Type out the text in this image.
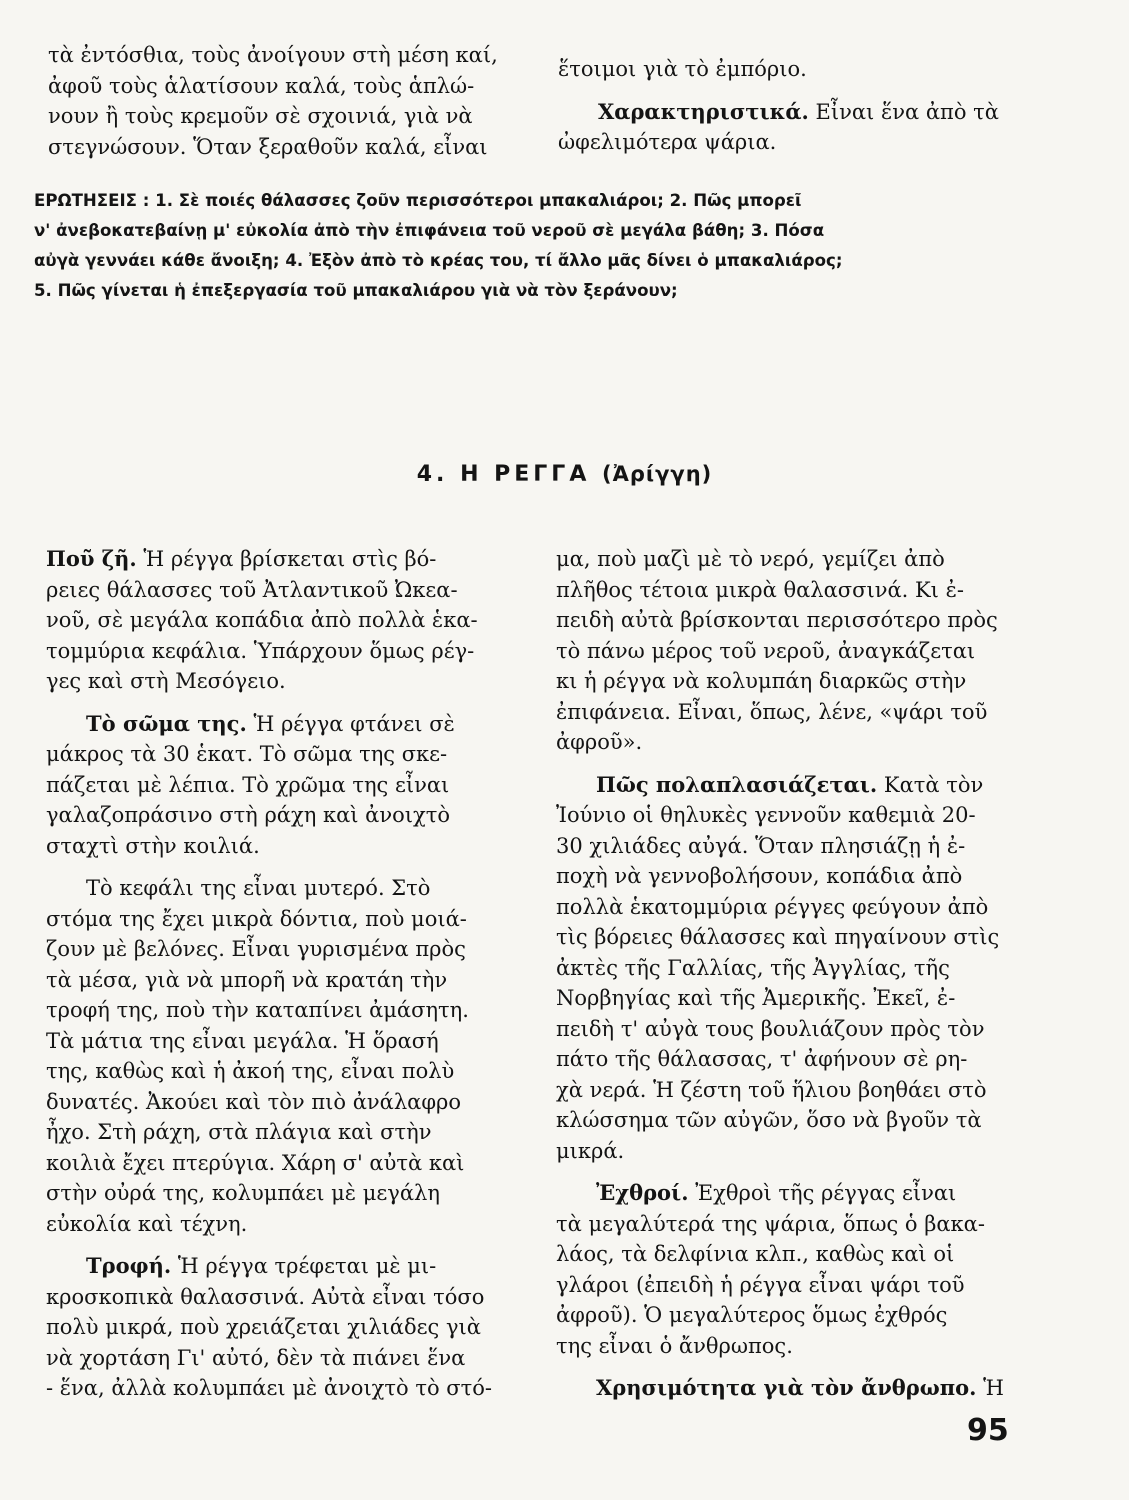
τὰ ἐντόσθια, τοὺς ἀνοίγουν στὴ μέση καί,
ἀφοῦ τοὺς ἁλατίσουν καλά, τοὺς ἁπλώ-
νουν ἢ τοὺς κρεμοῦν σὲ σχοινιά, γιὰ νὰ
στεγνώσουν. Ὅταν ξεραθοῦν καλά, εἶναι
ἕτοιμοι γιὰ τὸ ἐμπόριο.
Χαρακτηριστικά. Εἶναι ἕνα ἀπὸ τὰ
ὠφελιμότερα ψάρια.
ΕΡΩΤΗΣΕΙΣ : 1. Σὲ ποιές θάλασσες ζοῦν περισσότεροι μπακαλιάροι; 2. Πῶς μπορεῖ
ν' ἀνεβοκατεβαίνῃ μ' εὐκολία ἀπὸ τὴν ἐπιφάνεια τοῦ νεροῦ σὲ μεγάλα βάθη; 3. Πόσα
αὐγὰ γεννάει κάθε ἄνοιξη; 4. Ἐξὸν ἀπὸ τὸ κρέας του, τί ἄλλο μᾶς δίνει ὁ μπακαλιάρος;
5. Πῶς γίνεται ἡ ἐπεξεργασία τοῦ μπακαλιάρου γιὰ νὰ τὸν ξεράνουν;
4. Η ΡΕΓΓΑ (Ἀρίγγη)
Ποῦ ζῆ. Ἡ ρέγγα βρίσκεται στὶς βό-
ρειες θάλασσες τοῦ Ἀτλαντικοῦ Ὠκεα-
νοῦ, σὲ μεγάλα κοπάδια ἀπὸ πολλὰ ἑκα-
τομμύρια κεφάλια. Ὑπάρχουν ὅμως ρέγ-
γες καὶ στὴ Μεσόγειο.
Τὸ σῶμα της. Ἡ ρέγγα φτάνει σὲ
μάκρος τὰ 30 ἑκατ. Τὸ σῶμα της σκε-
πάζεται μὲ λέπια. Τὸ χρῶμα της εἶναι
γαλαζοπράσινο στὴ ράχη καὶ ἀνοιχτὸ
σταχτὶ στὴν κοιλιά.
Τὸ κεφάλι της εἶναι μυτερό. Στὸ
στόμα της ἔχει μικρὰ δόντια, ποὺ μοιά-
ζουν μὲ βελόνες. Εἶναι γυρισμένα πρὸς
τὰ μέσα, γιὰ νὰ μπορῆ νὰ κρατάη τὴν
τροφή της, ποὺ τὴν καταπίνει ἀμάσητη.
Τὰ μάτια της εἶναι μεγάλα. Ἡ ὅρασή
της, καθὼς καὶ ἡ ἀκοή της, εἶναι πολὺ
δυνατές. Ἀκούει καὶ τὸν πιὸ ἀνάλαφρο
ἦχο. Στὴ ράχη, στὰ πλάγια καὶ στὴν
κοιλιὰ ἔχει πτερύγια. Χάρη σ' αὐτὰ καὶ
στὴν οὐρά της, κολυμπάει μὲ μεγάλη
εὐκολία καὶ τέχνη.
Τροφή. Ἡ ρέγγα τρέφεται μὲ μι-
κροσκοπικὰ θαλασσινά. Αὐτὰ εἶναι τόσο
πολὺ μικρά, ποὺ χρειάζεται χιλιάδες γιὰ
νὰ χορτάση Γι' αὐτό, δὲν τὰ πιάνει ἕνα
- ἕνα, ἀλλὰ κολυμπάει μὲ ἀνοιχτὸ τὸ στό-
μα, ποὺ μαζὶ μὲ τὸ νερό, γεμίζει ἀπὸ
πλῆθος τέτοια μικρὰ θαλασσινά. Κι ἐ-
πειδὴ αὐτὰ βρίσκονται περισσότερο πρὸς
τὸ πάνω μέρος τοῦ νεροῦ, ἀναγκάζεται
κι ἡ ρέγγα νὰ κολυμπάη διαρκῶς στὴν
ἐπιφάνεια. Εἶναι, ὅπως, λένε, «ψάρι τοῦ
ἀφροῦ».
Πῶς πολαπλασιάζεται. Κατὰ τὸν
Ἰούνιο οἱ θηλυκὲς γεννοῦν καθεμιὰ 20-
30 χιλιάδες αὐγά. Ὅταν πλησιάζῃ ἡ ἐ-
ποχὴ νὰ γεννοβολήσουν, κοπάδια ἀπὸ
πολλὰ ἑκατομμύρια ρέγγες φεύγουν ἀπὸ
τὶς βόρειες θάλασσες καὶ πηγαίνουν στὶς
ἀκτὲς τῆς Γαλλίας, τῆς Ἀγγλίας, τῆς
Νορβηγίας καὶ τῆς Ἀμερικῆς. Ἐκεῖ, ἐ-
πειδὴ τ' αὐγὰ τους βουλιάζουν πρὸς τὸν
πάτο τῆς θάλασσας, τ' ἀφήνουν σὲ ρη-
χὰ νερά. Ἡ ζέστη τοῦ ἥλιου βοηθάει στὸ
κλώσσημα τῶν αὐγῶν, ὅσο νὰ βγοῦν τὰ
μικρά.
Ἐχθροί. Ἐχθροὶ τῆς ρέγγας εἶναι
τὰ μεγαλύτερά της ψάρια, ὅπως ὁ βακα-
λάος, τὰ δελφίνια κλπ., καθὼς καὶ οἱ
γλάροι (ἐπειδὴ ἡ ρέγγα εἶναι ψάρι τοῦ
ἀφροῦ). Ὁ μεγαλύτερος ὅμως ἐχθρός
της εἶναι ὁ ἄνθρωπος.
Χρησιμότητα γιὰ τὸν ἄνθρωπο. Ἡ
95
